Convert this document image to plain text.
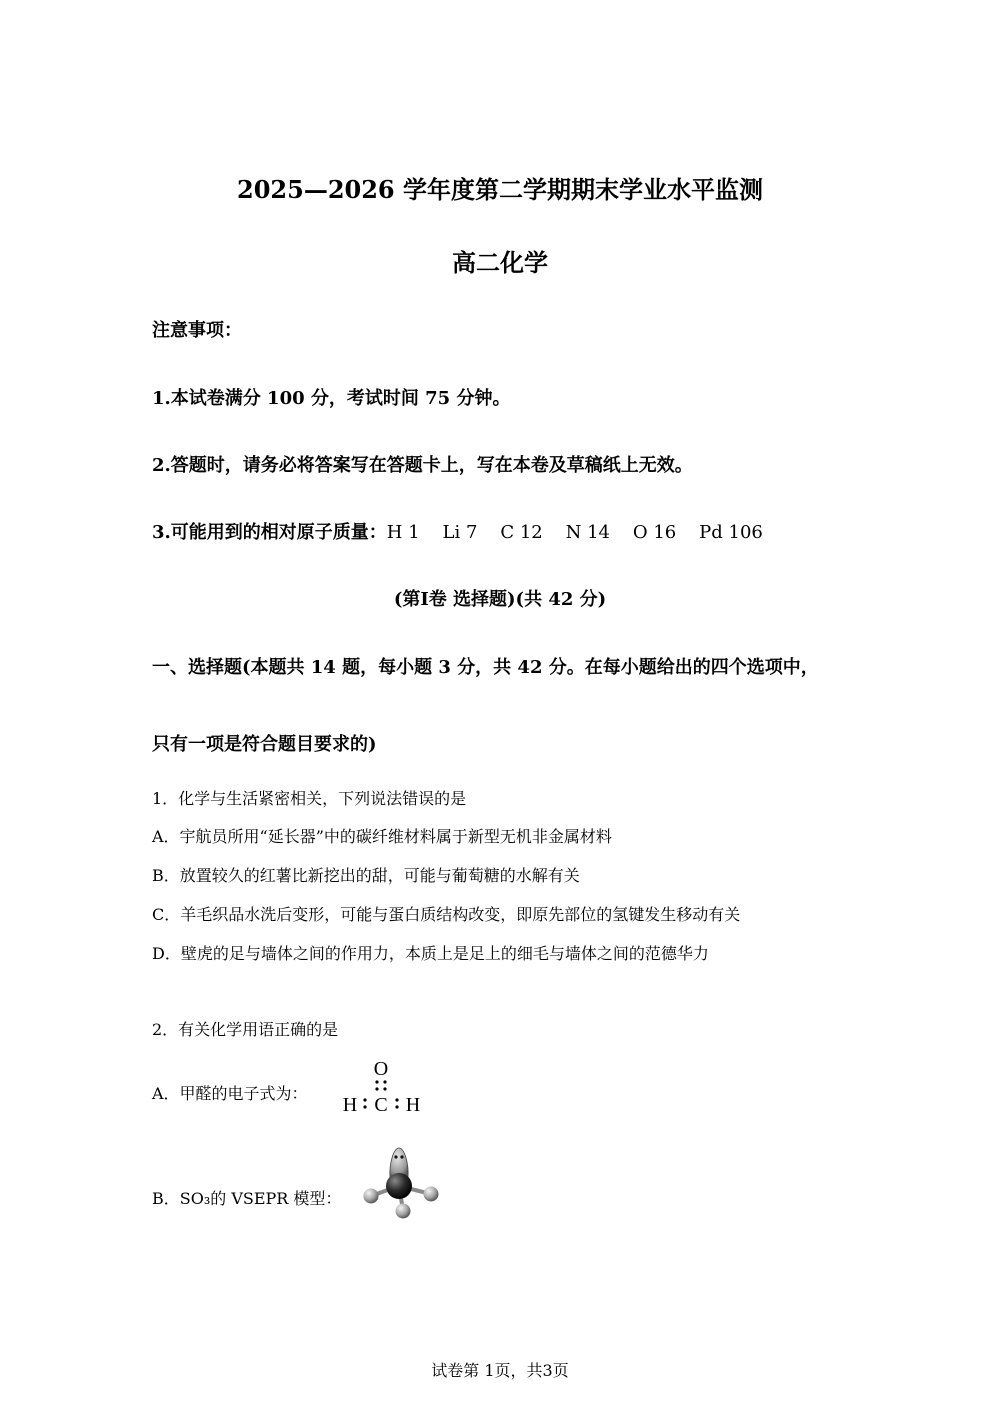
2025—2026 学年度第二学期期末学业水平监测
高二化学
注意事项：
1.本试卷满分 100 分，考试时间 75 分钟。
2.答题时，请务必将答案写在答题卡上，写在本卷及草稿纸上无效。
3.可能用到的相对原子质量：H 1    Li 7    C 12    N 14    O 16    Pd 106
(第Ⅰ卷 选择题)(共 42 分)
一、选择题(本题共 14 题，每小题 3 分，共 42 分。在每小题给出的四个选项中，
只有一项是符合题目要求的)
1．化学与生活紧密相关，下列说法错误的是
A．宇航员所用“延长器”中的碳纤维材料属于新型无机非金属材料
B．放置较久的红薯比新挖出的甜，可能与葡萄糖的水解有关
C．羊毛织品水洗后变形，可能与蛋白质结构改变，即原先部位的氢键发生移动有关
D．壁虎的足与墙体之间的作用力，本质上是足上的细毛与墙体之间的范德华力
2．有关化学用语正确的是
A．甲醛的电子式为：
O
H C H
B．SO₃的 VSEPR 模型：
试卷第 1页，共3页
